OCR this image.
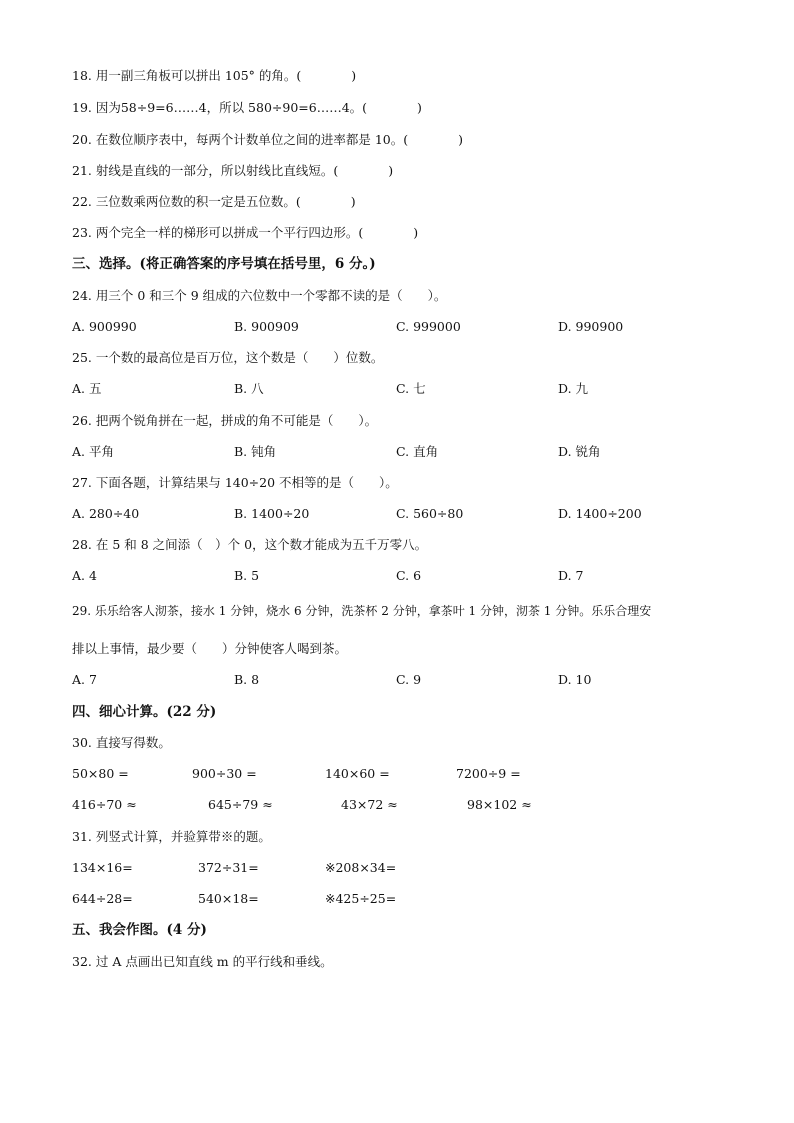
18. 用一副三角板可以拼出 105° 的角。(　　　　)
19. 因为58÷9=6……4，所以 580÷90=6……4。(　　　　)
20. 在数位顺序表中，每两个计数单位之间的进率都是 10。(　　　　)
21. 射线是直线的一部分，所以射线比直线短。(　　　　)
22. 三位数乘两位数的积一定是五位数。(　　　　)
23. 两个完全一样的梯形可以拼成一个平行四边形。(　　　　)
三、选择。(将正确答案的序号填在括号里，6 分。)
24. 用三个 0 和三个 9 组成的六位数中一个零都不读的是（　　）。
A. 900990	B. 900909	C. 999000	D. 990900
25. 一个数的最高位是百万位，这个数是（　　）位数。
A. 五	B. 八	C. 七	D. 九
26. 把两个锐角拼在一起，拼成的角不可能是（　　）。
A. 平角	B. 钝角	C. 直角	D. 锐角
27. 下面各题，计算结果与 140÷20 不相等的是（　　）。
A. 280÷40	B. 1400÷20	C. 560÷80	D. 1400÷200
28. 在 5 和 8 之间添（　）个 0，这个数才能成为五千万零八。
A. 4	B. 5	C. 6	D. 7
29. 乐乐给客人沏茶，接水 1 分钟，烧水 6 分钟，洗茶杯 2 分钟，拿茶叶 1 分钟，沏茶 1 分钟。乐乐合理安
排以上事情，最少要（　　）分钟使客人喝到茶。
A. 7	B. 8	C. 9	D. 10
四、细心计算。(22 分)
30. 直接写得数。
50×80 =	900÷30 =	140×60 =	7200÷9 =
416÷70 ≈	645÷79 ≈	43×72 ≈	98×102 ≈
31. 列竖式计算，并验算带※的题。
134×16=	372÷31=	※208×34=
644÷28=	540×18=	※425÷25=
五、我会作图。(4 分)
32. 过 A 点画出已知直线 m 的平行线和垂线。
